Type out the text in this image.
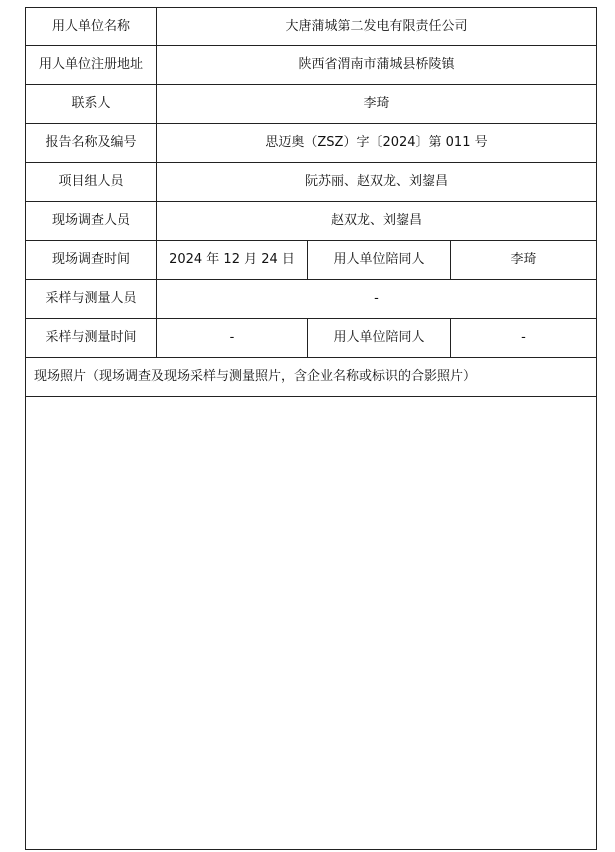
用人单位名称	大唐蒲城第二发电有限责任公司		
用人单位注册地址	陕西省渭南市蒲城县桥陵镇		
联系人	李琦		
报告名称及编号	思迈奥（ZSZ）字〔2024〕第 011 号		
项目组人员	阮苏丽、赵双龙、刘鋆昌		
现场调查人员	赵双龙、刘鋆昌		
现场调查时间	2024 年 12 月 24 日	用人单位陪同人	李琦
采样与测量人员	-		
采样与测量时间	-	用人单位陪同人	-
现场照片（现场调查及现场采样与测量照片，含企业名称或标识的合影照片）			
